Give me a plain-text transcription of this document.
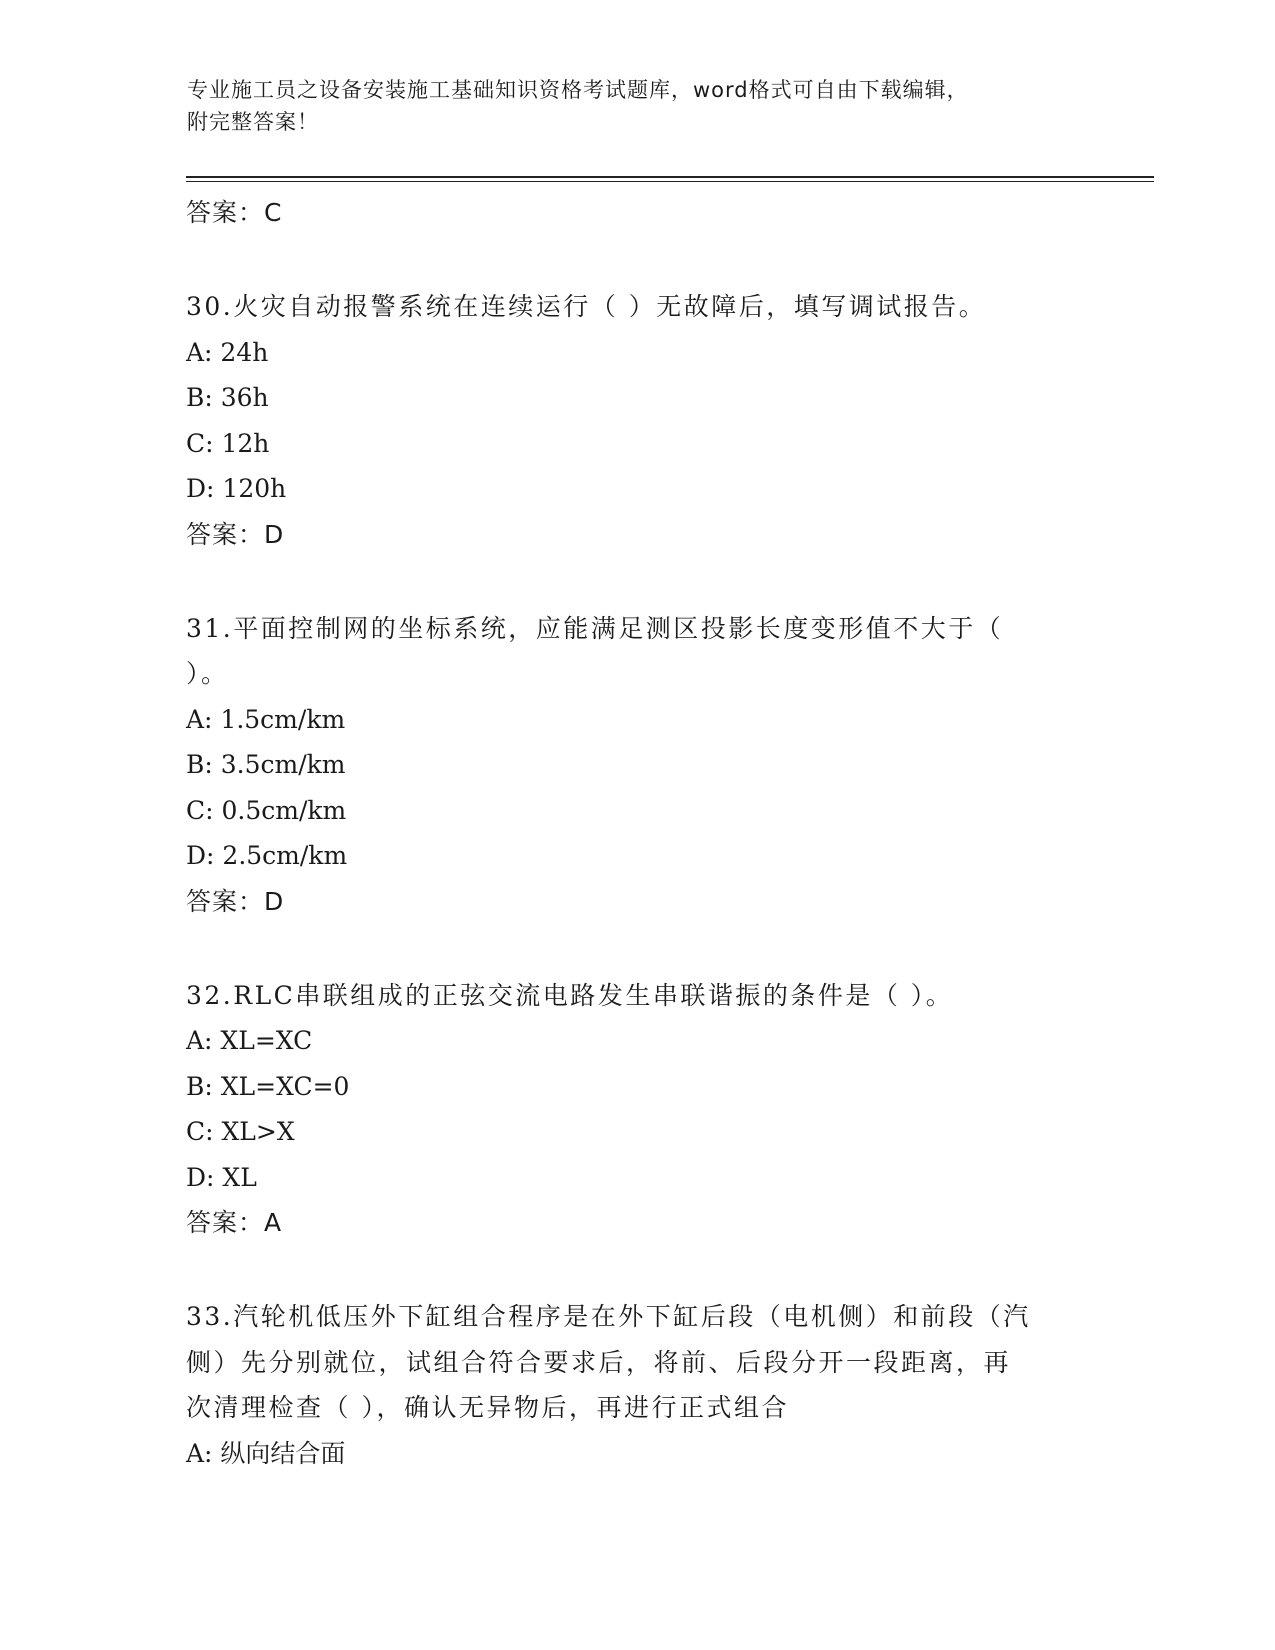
专业施工员之设备安装施工基础知识资格考试题库，word格式可自由下载编辑，
附完整答案！
答案：C
30.火灾自动报警系统在连续运行（ ）无故障后，填写调试报告。
A: 24h
B: 36h
C: 12h
D: 120h
答案：D
31.平面控制网的坐标系统，应能满足测区投影长度变形值不大于（
）。
A: 1.5cm/km
B: 3.5cm/km
C: 0.5cm/km
D: 2.5cm/km
答案：D
32.RLC串联组成的正弦交流电路发生串联谐振的条件是（ ）。
A: XL=XC
B: XL=XC=0
C: XL>X
D: XL
答案：A
33.汽轮机低压外下缸组合程序是在外下缸后段（电机侧）和前段（汽
侧）先分别就位，试组合符合要求后，将前、后段分开一段距离，再
次清理检查（ ），确认无异物后，再进行正式组合
A: 纵向结合面
